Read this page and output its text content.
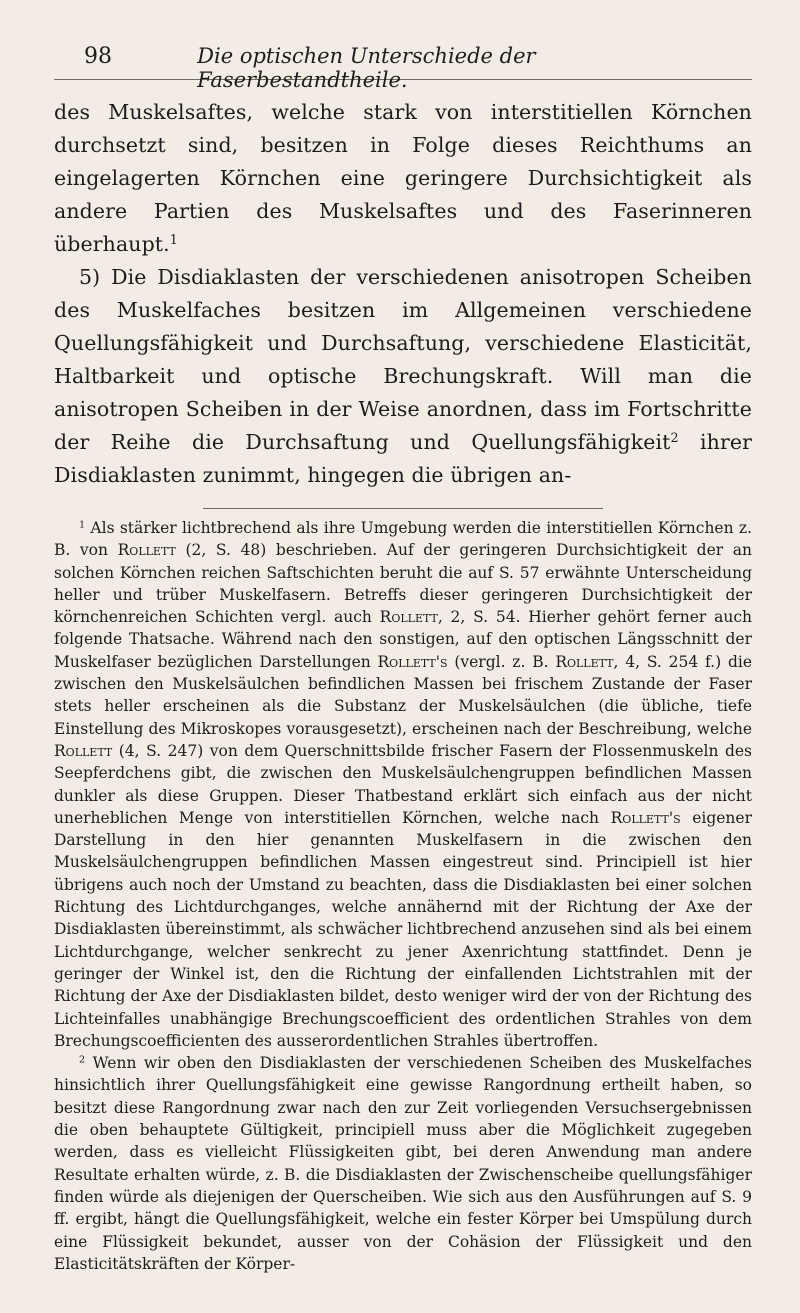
98	Die optischen Unterschiede der Faserbestandtheile.

des Muskelsaftes, welche stark von interstitiellen Körnchen durchsetzt sind, besitzen in Folge dieses Reichthums an eingelagerten Körnchen eine geringere Durchsichtigkeit als andere Partien des Muskelsaftes und des Faserinneren überhaupt.$^1$

5) Die Disdiaklasten der verschiedenen anisotropen Scheiben des Muskelfaches besitzen im Allgemeinen verschiedene Quellungsfähigkeit und Durchsaftung, verschiedene Elasticität, Haltbarkeit und optische Brechungskraft. Will man die anisotropen Scheiben in der Weise anordnen, dass im Fortschritte der Reihe die Durchsaftung und Quellungsfähigkeit$^2$ ihrer Disdiaklasten zunimmt, hingegen die übrigen an-

$^1$ Als stärker lichtbrechend als ihre Umgebung werden die interstitiellen Körnchen z. B. von Rollett (2, S. 48) beschrieben. Auf der geringeren Durchsichtigkeit der an solchen Körnchen reichen Saftschichten beruht die auf S. 57 erwähnte Unterscheidung heller und trüber Muskelfasern. Betreffs dieser geringeren Durchsichtigkeit der körnchenreichen Schichten vergl. auch Rollett, 2, S. 54. Hierher gehört ferner auch folgende Thatsache. Während nach den sonstigen, auf den optischen Längsschnitt der Muskelfaser bezüglichen Darstellungen Rollett's (vergl. z. B. Rollett, 4, S. 254 f.) die zwischen den Muskelsäulchen befindlichen Massen bei frischem Zustande der Faser stets heller erscheinen als die Substanz der Muskelsäulchen (die übliche, tiefe Einstellung des Mikroskopes vorausgesetzt), erscheinen nach der Beschreibung, welche Rollett (4, S. 247) von dem Querschnittsbilde frischer Fasern der Flossenmuskeln des Seepferdchens gibt, die zwischen den Muskelsäulchengruppen befindlichen Massen dunkler als diese Gruppen. Dieser Thatbestand erklärt sich einfach aus der nicht unerheblichen Menge von interstitiellen Körnchen, welche nach Rollett's eigener Darstellung in den hier genannten Muskelfasern in die zwischen den Muskelsäulchengruppen befindlichen Massen eingestreut sind. Principiell ist hier übrigens auch noch der Umstand zu beachten, dass die Disdiaklasten bei einer solchen Richtung des Lichtdurchganges, welche annähernd mit der Richtung der Axe der Disdiaklasten übereinstimmt, als schwächer lichtbrechend anzusehen sind als bei einem Lichtdurchgange, welcher senkrecht zu jener Axenrichtung stattfindet. Denn je geringer der Winkel ist, den die Richtung der einfallenden Lichtstrahlen mit der Richtung der Axe der Disdiaklasten bildet, desto weniger wird der von der Richtung des Lichteinfalles unabhängige Brechungscoefficient des ordentlichen Strahles von dem Brechungscoefficienten des ausserordentlichen Strahles übertroffen.

$^2$ Wenn wir oben den Disdiaklasten der verschiedenen Scheiben des Muskelfaches hinsichtlich ihrer Quellungsfähigkeit eine gewisse Rangordnung ertheilt haben, so besitzt diese Rangordnung zwar nach den zur Zeit vorliegenden Versuchsergebnissen die oben behauptete Gültigkeit, principiell muss aber die Möglichkeit zugegeben werden, dass es vielleicht Flüssigkeiten gibt, bei deren Anwendung man andere Resultate erhalten würde, z. B. die Disdiaklasten der Zwischenscheibe quellungsfähiger finden würde als diejenigen der Querscheiben. Wie sich aus den Ausführungen auf S. 9 ff. ergibt, hängt die Quellungsfähigkeit, welche ein fester Körper bei Umspülung durch eine Flüssigkeit bekundet, ausser von der Cohäsion der Flüssigkeit und den Elasticitätskräften der Körper-
